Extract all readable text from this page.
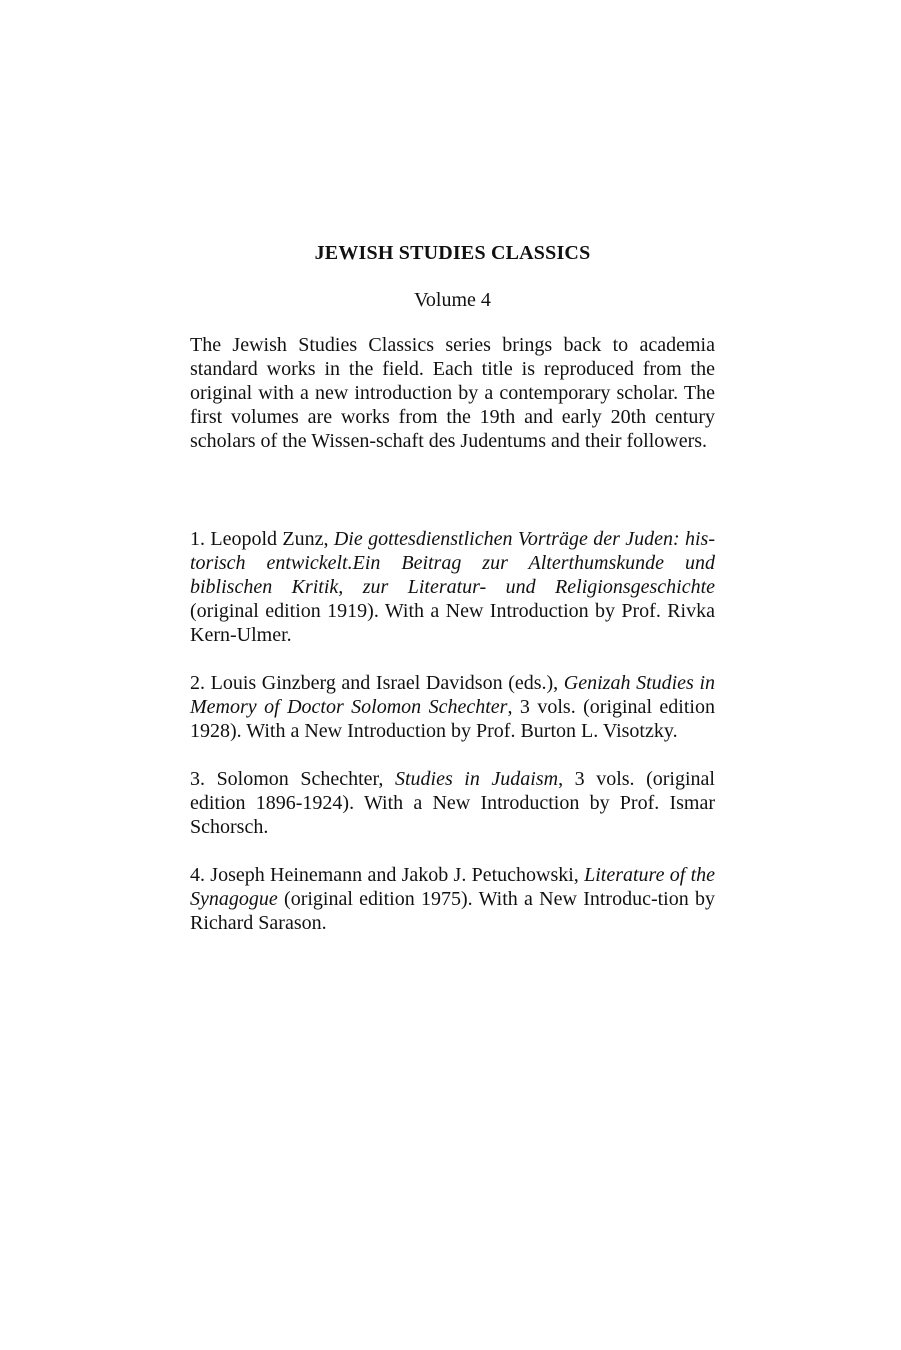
JEWISH STUDIES CLASSICS

Volume 4

The Jewish Studies Classics series brings back to academia standard works in the field. Each title is reproduced from the original with a new introduction by a contemporary scholar. The first volumes are works from the 19th and early 20th century scholars of the Wissen-schaft des Judentums and their followers.

1. Leopold Zunz, Die gottesdienstlichen Vorträge der Juden: his-torisch entwickelt.Ein Beitrag zur Alterthumskunde und biblischen Kritik, zur Literatur- und Religionsgeschichte (original edition 1919). With a New Introduction by Prof. Rivka Kern-Ulmer.
2. Louis Ginzberg and Israel Davidson (eds.), Genizah Studies in Memory of Doctor Solomon Schechter, 3 vols. (original edition 1928). With a New Introduction by Prof. Burton L. Visotzky.
3. Solomon Schechter, Studies in Judaism, 3 vols. (original edition 1896-1924). With a New Introduction by Prof. Ismar Schorsch.
4. Joseph Heinemann and Jakob J. Petuchowski, Literature of the Synagogue (original edition 1975). With a New Introduc-tion by Richard Sarason.
